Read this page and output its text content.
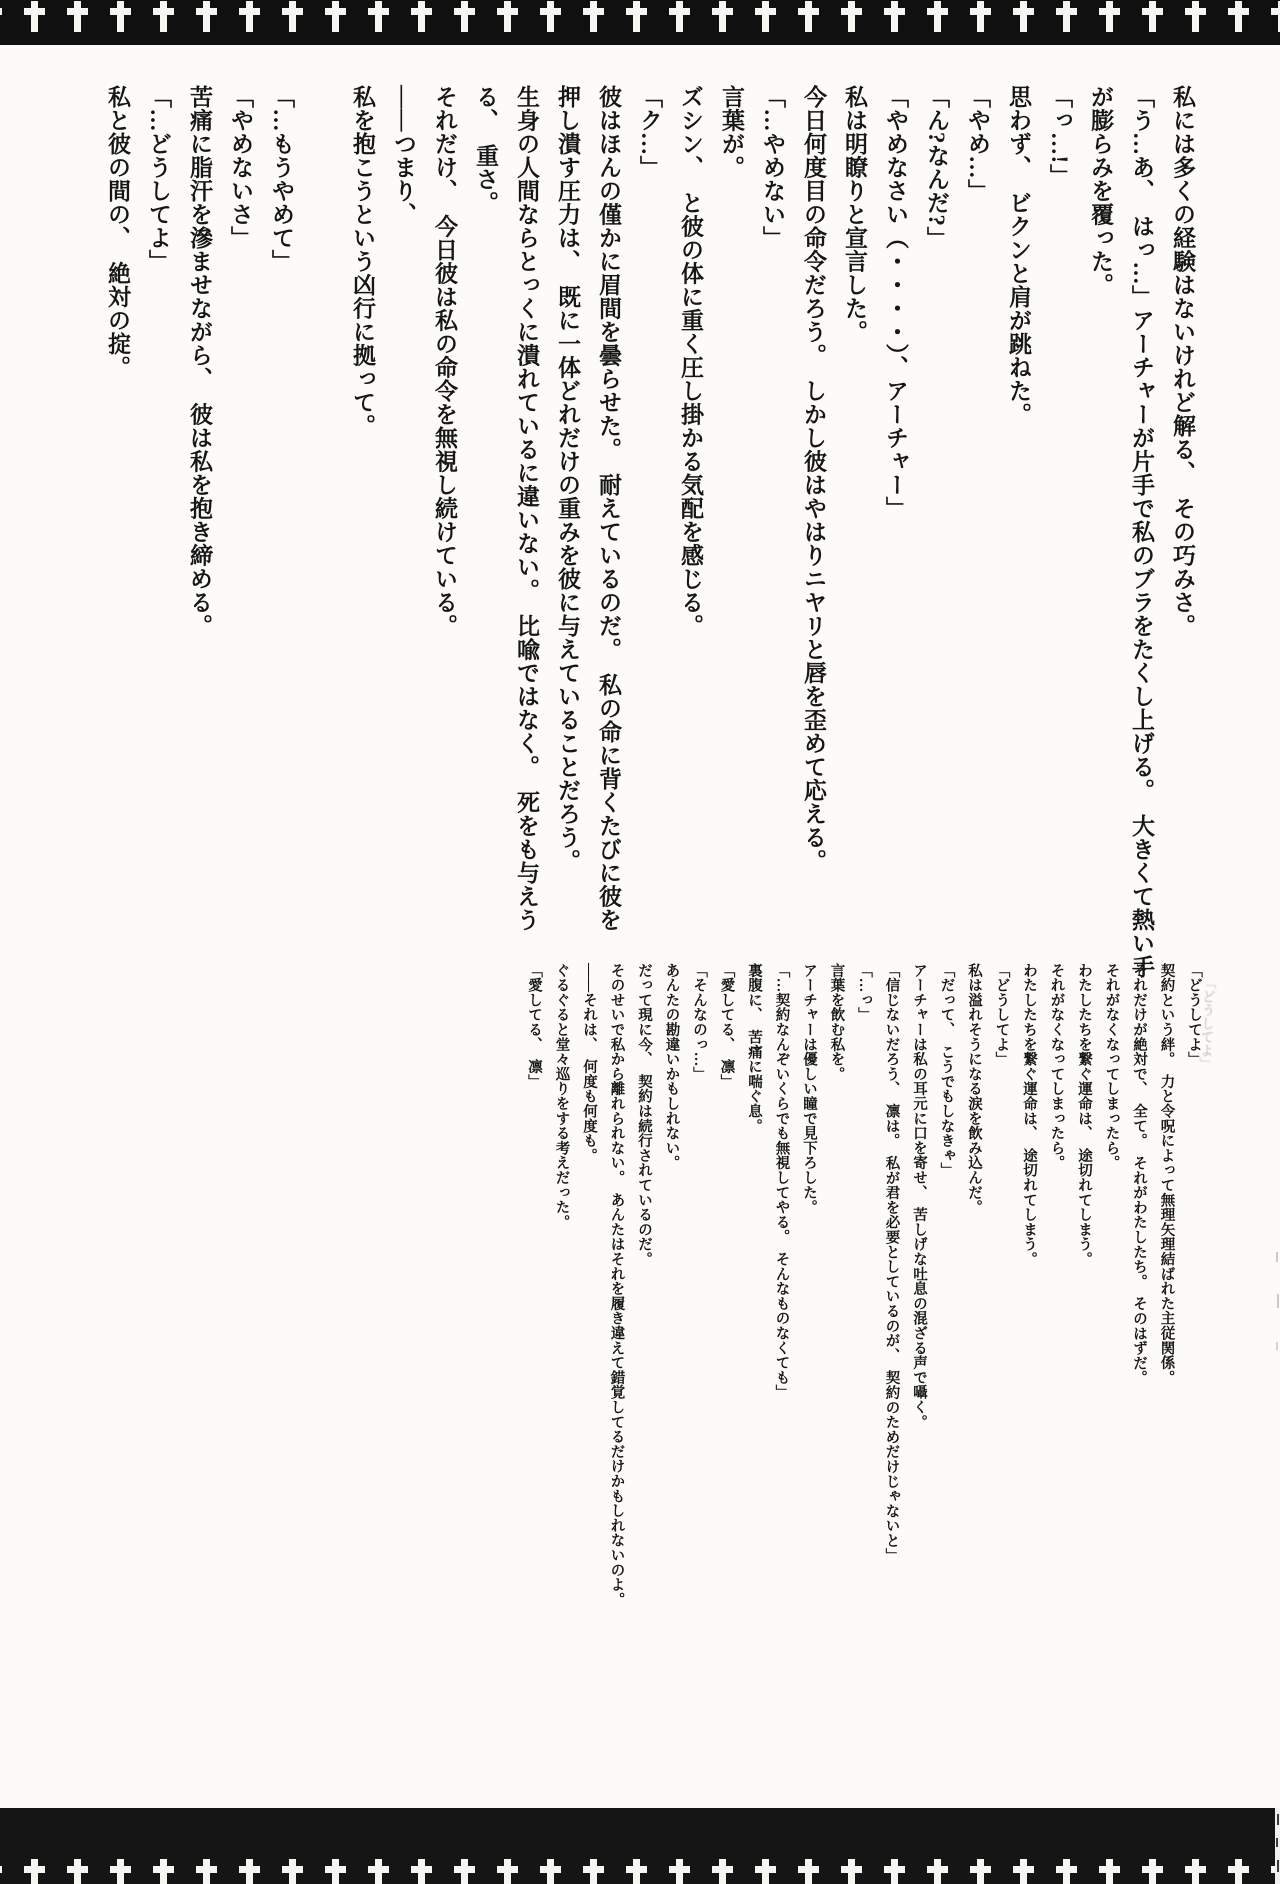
私には多くの経験はないけれど解る、　その巧みさ。

「う…あ、　はっ…」アーチャーが片手で私のブラをたくし上げる。　大きくて熱い手

が膨らみを覆った。

「っ…!」

思わず、　ビクンと肩が跳ねた。

「やめ…」

「ん?なんだ?」

「やめなさい（・・・・）、アーチャー」

私は明瞭りと宣言した。

今日何度目の命令だろう。　しかし彼はやはりニヤリと唇を歪めて応える。

「…やめない」

言葉が。

ズシン、　と彼の体に重く圧し掛かる気配を感じる。

「ク…」

彼はほんの僅かに眉間を曇らせた。　耐えているのだ。　私の命に背くたびに彼を

押し潰す圧力は、　既に一体どれだけの重みを彼に与えていることだろう。

生身の人間ならとっくに潰れているに違いない。　比喩ではなく。　死をも与えう

る、　重さ。

それだけ、　今日彼は私の命令を無視し続けている。

――つまり、

私を抱こうという凶行に拠って。

「…もうやめて」

「やめないさ」

苦痛に脂汗を滲ませながら、　彼は私を抱き締める。

「…どうしてよ」

私と彼の間の、　絶対の掟。

「どうしてよ」

契約という絆。　力と令呪によって無理矢理結ばれた主従関係。

それだけが絶対で、　全て。　それがわたしたち。　そのはずだ。

それがなくなってしまったら。

わたしたちを繋ぐ運命は、　途切れてしまう。

それがなくなってしまったら。

わたしたちを繋ぐ運命は、　途切れてしまう。

「どうしてよ」

私は溢れそうになる涙を飲み込んだ。

「だって、　こうでもしなきゃ」

アーチャーは私の耳元に口を寄せ、　苦しげな吐息の混ざる声で囁く。

「信じないだろう、　凛は。　私が君を必要としているのが、　契約のためだけじゃないと」

「…っ」

言葉を飲む私を。

アーチャーは優しい瞳で見下ろした。

「…契約なんぞいくらでも無視してやる。　そんなものなくても」

裏腹に、　苦痛に喘ぐ息。

「愛してる、　凛」

「そんなのっ…」

あんたの勘違いかもしれない。

だって現に今、　契約は続行されているのだ。

そのせいで私から離れられない。　あんたはそれを履き違えて錯覚してるだけかもしれないのよ。

――それは、　何度も何度も。

ぐるぐると堂々巡りをする考えだった。

「愛してる、　凛」	「どうしてよ」
